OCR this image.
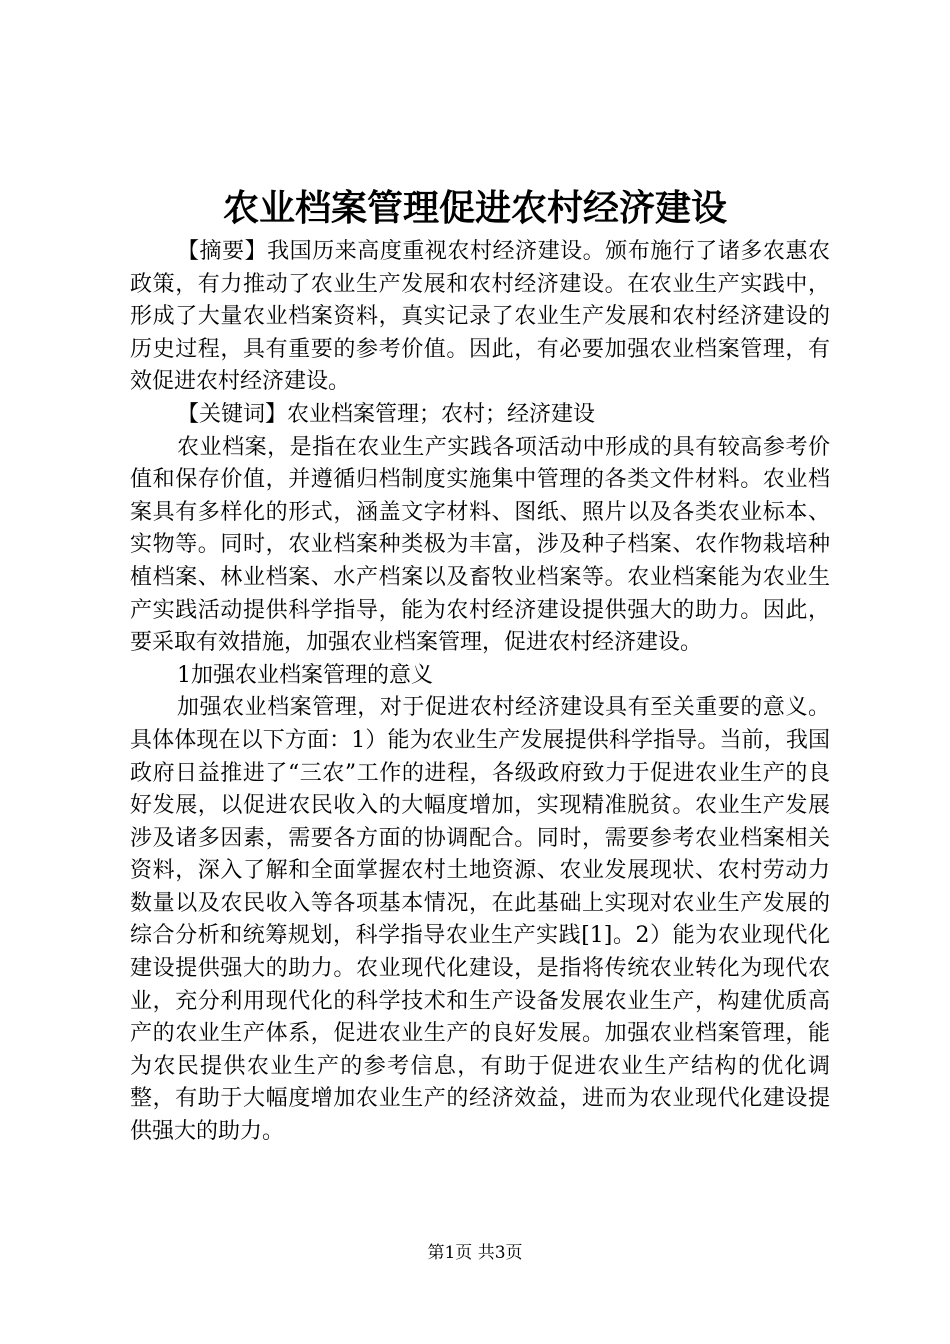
农业档案管理促进农村经济建设

【摘要】我国历来高度重视农村经济建设。颁布施行了诸多农惠农政策，有力推动了农业生产发展和农村经济建设。在农业生产实践中，形成了大量农业档案资料，真实记录了农业生产发展和农村经济建设的历史过程，具有重要的参考价值。因此，有必要加强农业档案管理，有效促进农村经济建设。

【关键词】农业档案管理；农村；经济建设

农业档案，是指在农业生产实践各项活动中形成的具有较高参考价值和保存价值，并遵循归档制度实施集中管理的各类文件材料。农业档案具有多样化的形式，涵盖文字材料、图纸、照片以及各类农业标本、实物等。同时，农业档案种类极为丰富，涉及种子档案、农作物栽培种植档案、林业档案、水产档案以及畜牧业档案等。农业档案能为农业生产实践活动提供科学指导，能为农村经济建设提供强大的助力。因此，要采取有效措施，加强农业档案管理，促进农村经济建设。

1加强农业档案管理的意义

加强农业档案管理，对于促进农村经济建设具有至关重要的意义。具体体现在以下方面：1）能为农业生产发展提供科学指导。当前，我国政府日益推进了“三农”工作的进程，各级政府致力于促进农业生产的良好发展，以促进农民收入的大幅度增加，实现精准脱贫。农业生产发展涉及诸多因素，需要各方面的协调配合。同时，需要参考农业档案相关资料，深入了解和全面掌握农村土地资源、农业发展现状、农村劳动力数量以及农民收入等各项基本情况，在此基础上实现对农业生产发展的综合分析和统筹规划，科学指导农业生产实践[1]。2）能为农业现代化建设提供强大的助力。农业现代化建设，是指将传统农业转化为现代农业，充分利用现代化的科学技术和生产设备发展农业生产，构建优质高产的农业生产体系，促进农业生产的良好发展。加强农业档案管理，能为农民提供农业生产的参考信息，有助于促进农业生产结构的优化调整，有助于大幅度增加农业生产的经济效益，进而为农业现代化建设提供强大的助力。

第1页 共3页
